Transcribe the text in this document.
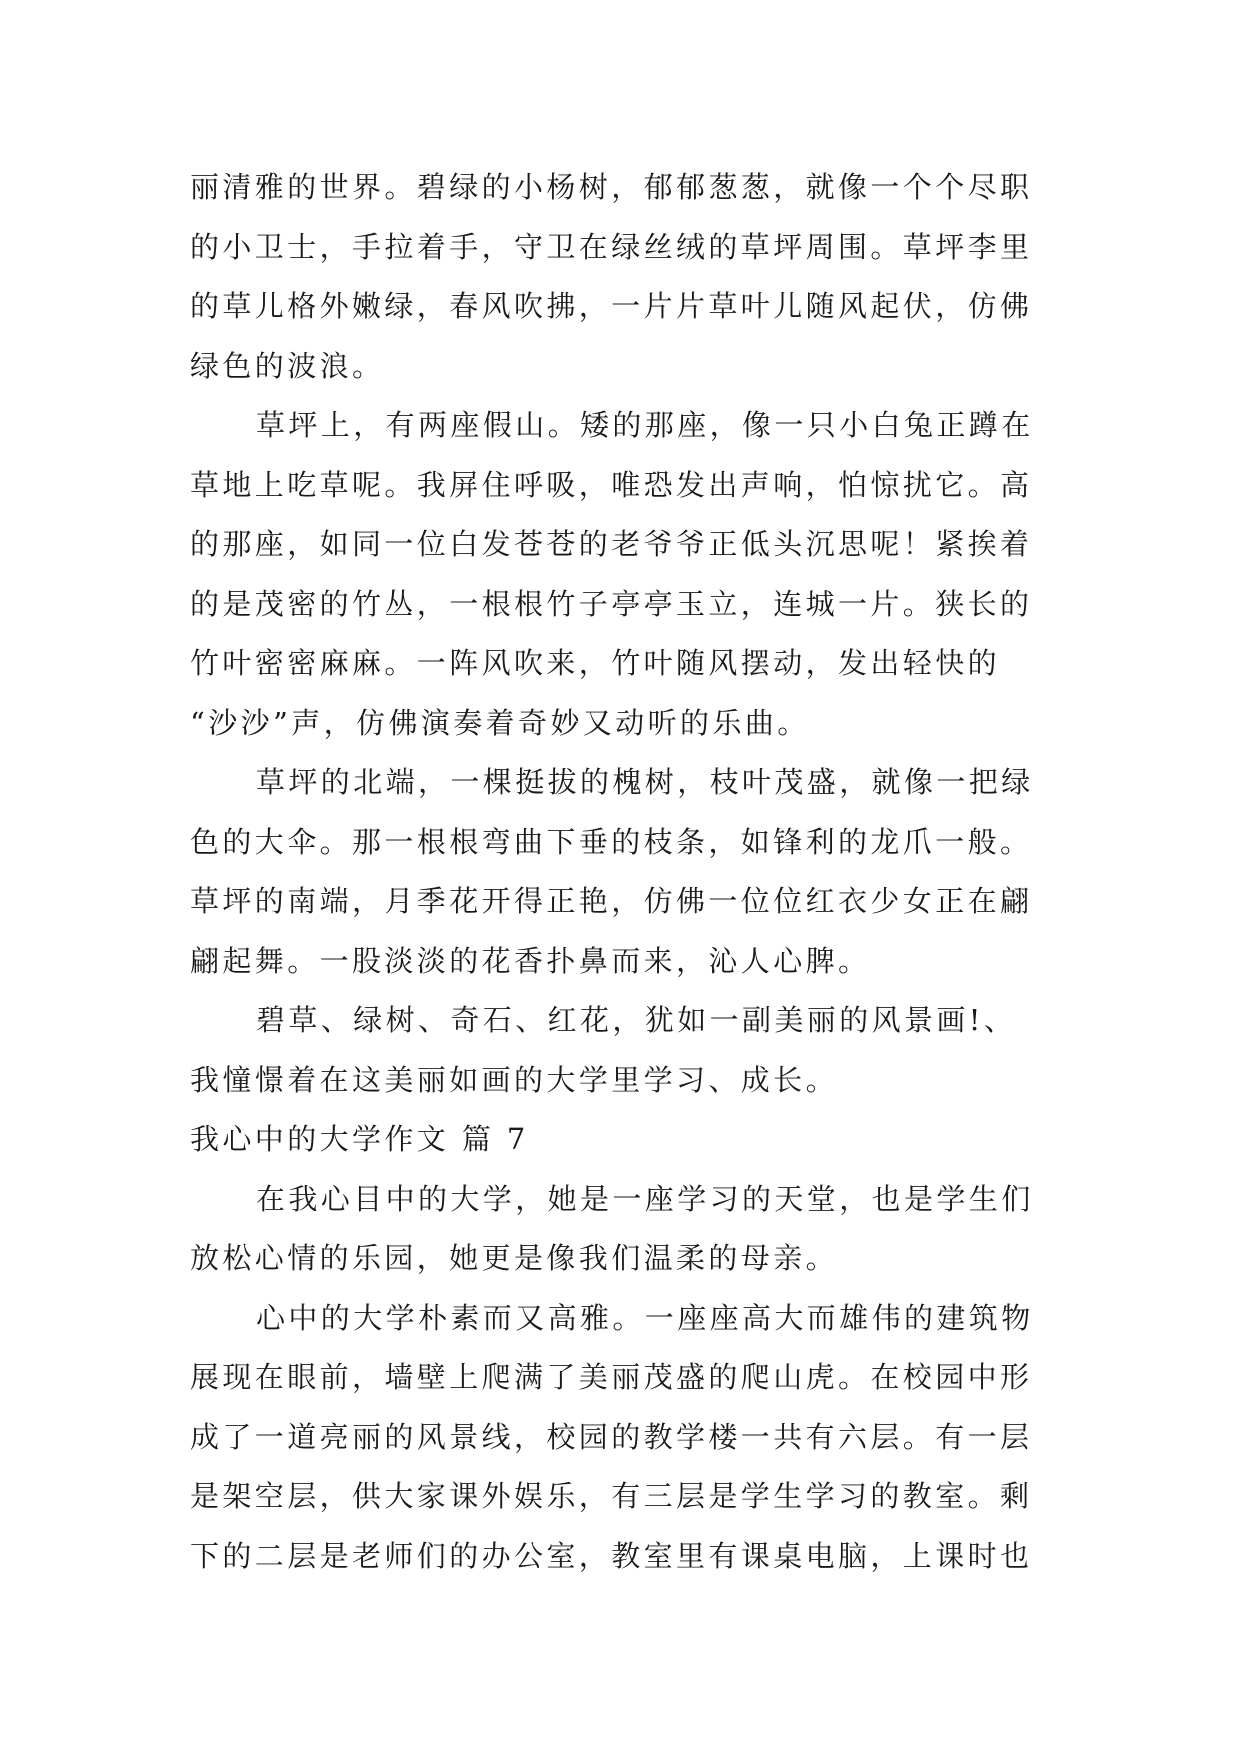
丽清雅的世界。碧绿的小杨树，郁郁葱葱，就像一个个尽职
的小卫士，手拉着手，守卫在绿丝绒的草坪周围。草坪李里
的草儿格外嫩绿，春风吹拂，一片片草叶儿随风起伏，仿佛
绿色的波浪。
草坪上，有两座假山。矮的那座，像一只小白兔正蹲在
草地上吃草呢。我屏住呼吸，唯恐发出声响，怕惊扰它。高
的那座，如同一位白发苍苍的老爷爷正低头沉思呢！紧挨着
的是茂密的竹丛，一根根竹子亭亭玉立，连城一片。狭长的
竹叶密密麻麻。一阵风吹来，竹叶随风摆动，发出轻快的
“沙沙”声，仿佛演奏着奇妙又动听的乐曲。
草坪的北端，一棵挺拔的槐树，枝叶茂盛，就像一把绿
色的大伞。那一根根弯曲下垂的枝条，如锋利的龙爪一般。
草坪的南端，月季花开得正艳，仿佛一位位红衣少女正在翩
翩起舞。一股淡淡的花香扑鼻而来，沁人心脾。
碧草、绿树、奇石、红花，犹如一副美丽的风景画!、
我憧憬着在这美丽如画的大学里学习、成长。
我心中的大学作文 篇 7
在我心目中的大学，她是一座学习的天堂，也是学生们
放松心情的乐园，她更是像我们温柔的母亲。
心中的大学朴素而又高雅。一座座高大而雄伟的建筑物
展现在眼前，墙壁上爬满了美丽茂盛的爬山虎。在校园中形
成了一道亮丽的风景线，校园的教学楼一共有六层。有一层
是架空层，供大家课外娱乐，有三层是学生学习的教室。剩
下的二层是老师们的办公室，教室里有课桌电脑，上课时也
